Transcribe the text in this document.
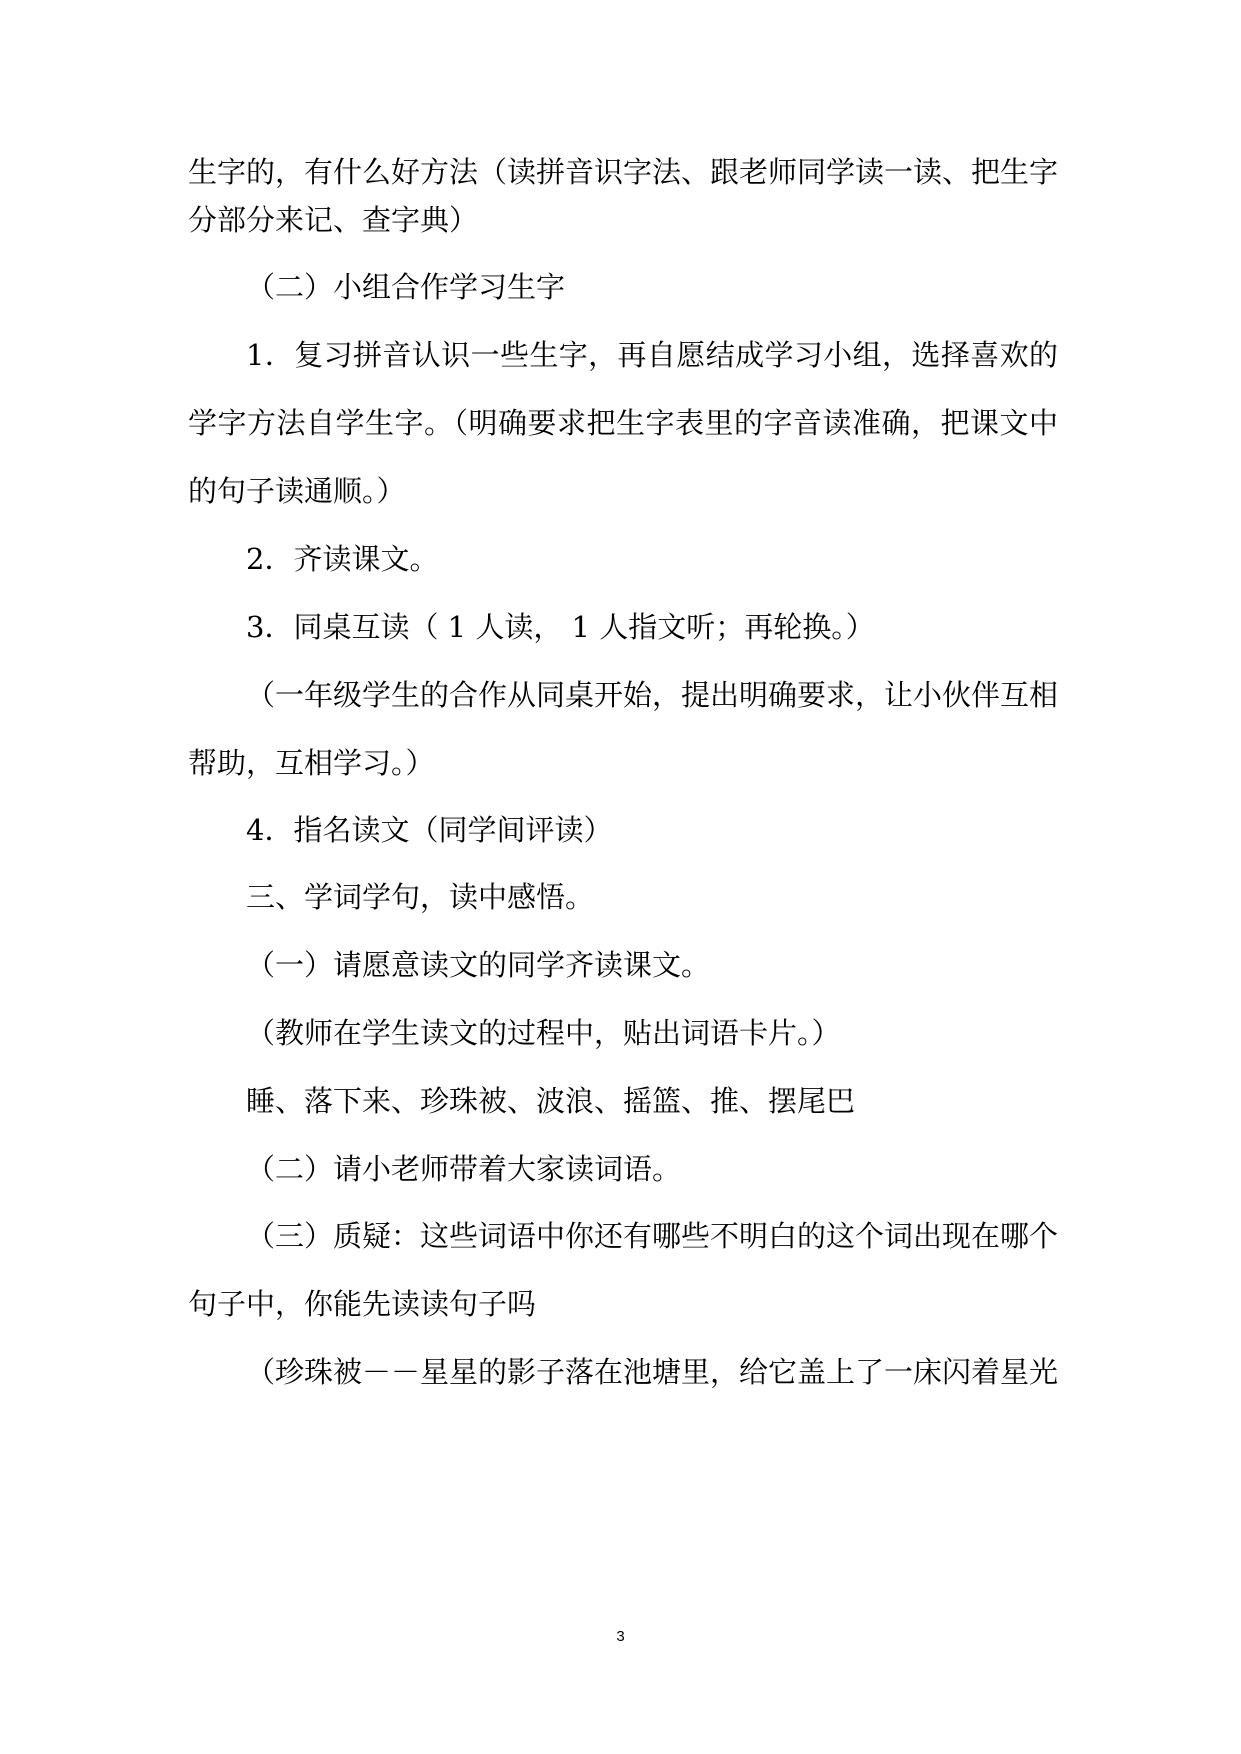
生字的，有什么好方法（读拼音识字法、跟老师同学读一读、把生字
分部分来记、查字典）
（二）小组合作学习生字
1．复习拼音认识一些生字，再自愿结成学习小组，选择喜欢的
学字方法自学生字。（明确要求把生字表里的字音读准确，把课文中
的句子读通顺。）
2．齐读课文。
3．同桌互读（ 1 人读， 1 人指文听；再轮换。）
（一年级学生的合作从同桌开始，提出明确要求，让小伙伴互相
帮助，互相学习。）
4．指名读文（同学间评读）
三、学词学句，读中感悟。
（一）请愿意读文的同学齐读课文。
（教师在学生读文的过程中，贴出词语卡片。）
睡、落下来、珍珠被、波浪、摇篮、推、摆尾巴
（二）请小老师带着大家读词语。
（三）质疑：这些词语中你还有哪些不明白的这个词出现在哪个
句子中，你能先读读句子吗
（珍珠被－－星星的影子落在池塘里，给它盖上了一床闪着星光
3
